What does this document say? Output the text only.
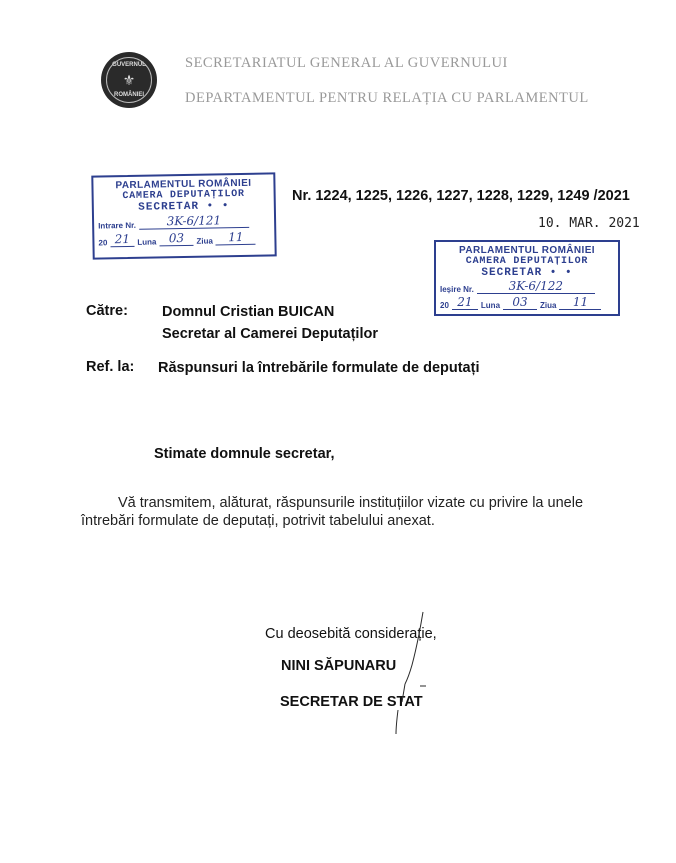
GUVERNUL
⚜
ROMÂNIEI
SECRETARIATUL GENERAL AL GUVERNULUI
DEPARTAMENTUL PENTRU RELAȚIA CU PARLAMENTUL
PARLAMENTUL ROMÂNIEI
CAMERA DEPUTAȚILOR
SECRETAR • •
Intrare Nr.	3K-6/121
20 21 Luna	03	Ziua	11
Nr. 1224, 1225, 1226, 1227, 1228, 1229, 1249 /2021
10. MAR. 2021
PARLAMENTUL ROMÂNIEI
CAMERA DEPUTAȚILOR
SECRETAR • •
Ieșire Nr.	3K-6/122
20 21	Luna	03	Ziua	11
Către: Domnul Cristian BUICAN
Secretar al Camerei Deputaților
Ref. la: Răspunsuri la întrebările formulate de deputați
Stimate domnule secretar,
Vă transmitem, alăturat, răspunsurile instituțiilor vizate cu privire la unele
întrebări formulate de deputați, potrivit tabelului anexat.
Cu deosebită considerație,
NINI SĂPUNARU
SECRETAR DE STAT
